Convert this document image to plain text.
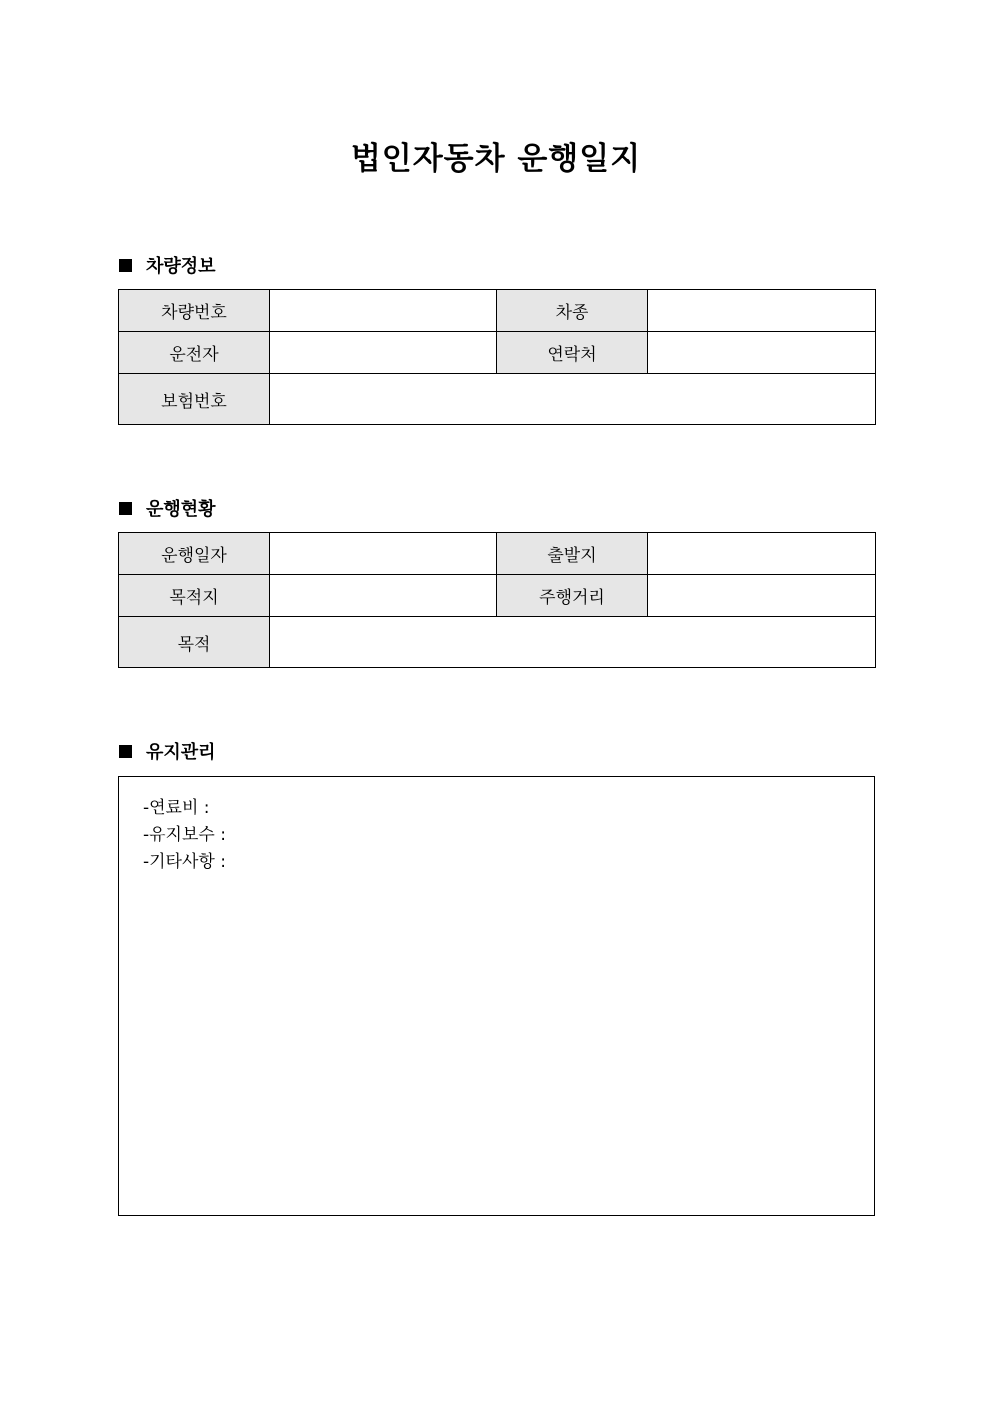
법인자동차 운행일지
차량정보
차량번호		차종	
운전자		연락처	
보험번호			
운행현황
운행일자		출발지	
목적지		주행거리	
목적			
유지관리
-연료비 :
-유지보수 :
-기타사항 :
